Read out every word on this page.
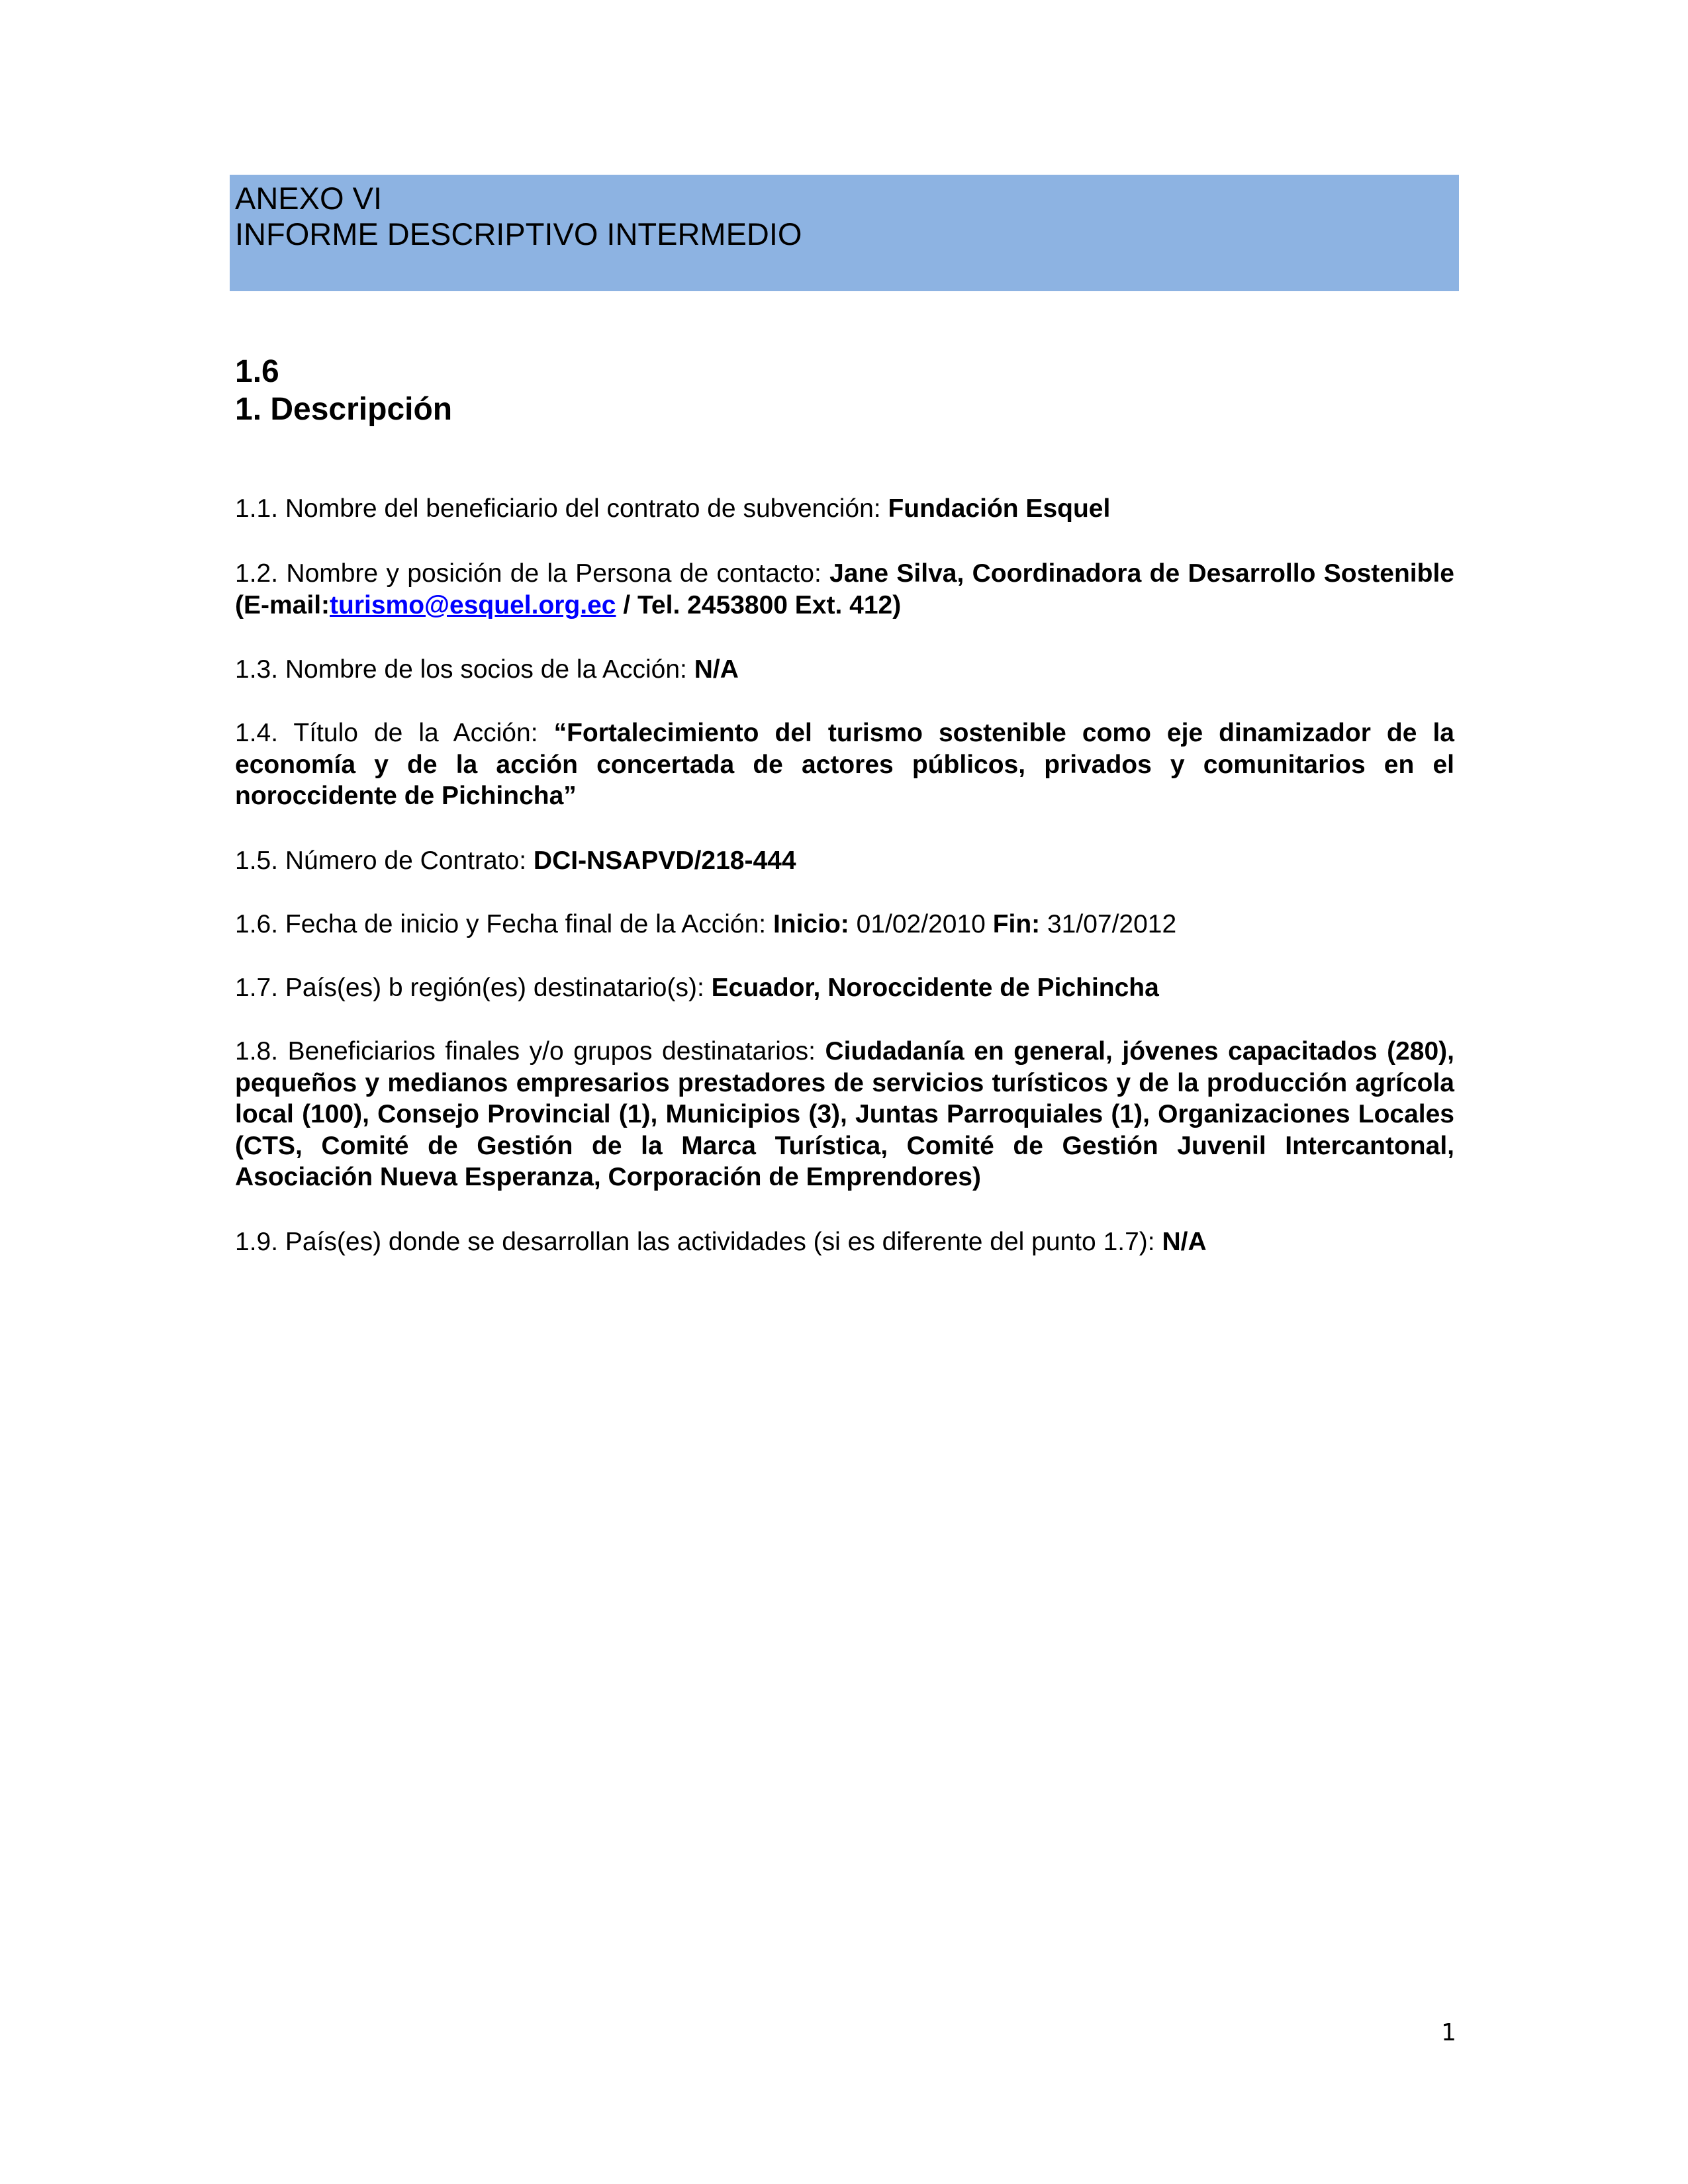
ANEXO VI
INFORME DESCRIPTIVO INTERMEDIO
1.6
1. Descripción
1.1. Nombre del beneficiario del contrato de subvención: Fundación Esquel
1.2. Nombre y posición de la Persona de contacto: Jane Silva, Coordinadora de Desarrollo Sostenible (E-mail:turismo@esquel.org.ec / Tel. 2453800 Ext. 412)
1.3. Nombre de los socios de la Acción: N/A
1.4. Título de la Acción: “Fortalecimiento del turismo sostenible como eje dinamizador de la economía y de la acción concertada de actores públicos, privados y comunitarios en el noroccidente de Pichincha”
1.5. Número de Contrato: DCI-NSAPVD/218-444
1.6. Fecha de inicio y Fecha final de la Acción: Inicio: 01/02/2010 Fin: 31/07/2012
1.7. País(es) b región(es) destinatario(s): Ecuador, Noroccidente de Pichincha
1.8. Beneficiarios finales y/o grupos destinatarios: Ciudadanía en general, jóvenes capacitados (280), pequeños y medianos empresarios prestadores de servicios turísticos y de la producción agrícola local (100), Consejo Provincial (1), Municipios (3), Juntas Parroquiales (1), Organizaciones Locales (CTS, Comité de Gestión de la Marca Turística, Comité de Gestión Juvenil Intercantonal, Asociación Nueva Esperanza, Corporación de Emprendores)
1.9. País(es) donde se desarrollan las actividades (si es diferente del punto 1.7): N/A
1
